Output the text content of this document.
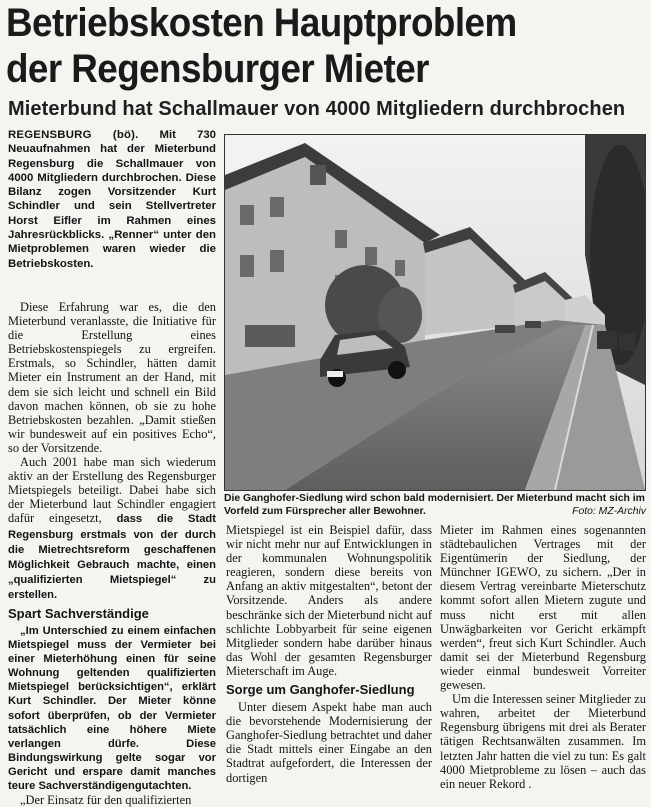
Betriebskosten Hauptproblem
der Regensburger Mieter
Mieterbund hat Schallmauer von 4000 Mitgliedern durchbrochen
REGENSBURG (bö). Mit 730 Neuaufnahmen hat der Mieterbund Regensburg die Schallmauer von 4000 Mitgliedern durchbrochen. Diese Bilanz zogen Vorsitzender Kurt Schindler und sein Stellvertreter Horst Eifler im Rahmen eines Jahresrückblicks. „Renner“ unter den Mietproblemen waren wieder die Betriebskosten.

Diese Erfahrung war es, die den Mieterbund veranlasste, die Initiative für die Erstellung eines Betriebskostenspiegels zu ergreifen. Erstmals, so Schindler, hätten damit Mieter ein Instrument an der Hand, mit dem sie sich leicht und schnell ein Bild davon machen können, ob sie zu hohe Betriebskosten bezahlen. „Damit stießen wir bundesweit auf ein positives Echo“, so der Vorsitzende.

Auch 2001 habe man sich wiederum aktiv an der Erstellung des Regensburger Mietspiegels beteiligt. Dabei habe sich der Mieterbund laut Schindler engagiert dafür eingesetzt, dass die Stadt Regensburg erstmals von der durch die Mietrechtsreform geschaffenen Möglichkeit Gebrauch machte, einen „qualifizierten Mietspiegel“ zu erstellen.

Spart Sachverständige

„Im Unterschied zu einem einfachen Mietspiegel muss der Vermieter bei einer Mieterhöhung einen für seine Wohnung geltenden qualifizierten Mietspiegel berücksichtigen“, erklärt Kurt Schindler. Der Mieter könne sofort überprüfen, ob der Vermieter tatsächlich eine höhere Miete verlangen dürfe. Diese Bindungswirkung gelte sogar vor Gericht und erspare damit manches teure Sachverständigengutachten.

„Der Einsatz für den qualifizierten

Die Ganghofer-Siedlung wird schon bald modernisiert. Der Mieterbund macht sich im Vorfeld zum Fürsprecher aller Bewohner.	Foto: MZ-Archiv

Mietspiegel ist ein Beispiel dafür, dass wir nicht mehr nur auf Entwicklungen in der kommunalen Wohnungspolitik reagieren, sondern diese bereits von Anfang an aktiv mitgestalten“, betont der Vorsitzende. Anders als andere beschränke sich der Mieterbund nicht auf schlichte Lobbyarbeit für seine eigenen Mitglieder sondern habe darüber hinaus das Wohl der gesamten Regensburger Mieterschaft im Auge.

Sorge um Ganghofer-Siedlung

Unter diesem Aspekt habe man auch die bevorstehende Modernisierung der Ganghofer-Siedlung betrachtet und daher die Stadt mittels einer Eingabe an den Stadtrat aufgefordert, die Interessen der dortigen

Mieter im Rahmen eines sogenannten städtebaulichen Vertrages mit der Eigentümerin der Siedlung, der Münchner IGEWO, zu sichern. „Der in diesem Vertrag vereinbarte Mieterschutz kommt sofort allen Mietern zugute und muss nicht erst mit allen Unwägbarkeiten vor Gericht erkämpft werden“, freut sich Kurt Schindler. Auch damit sei der Mieterbund Regensburg wieder einmal bundesweit Vorreiter gewesen.

Um die Interessen seiner Mitglieder zu wahren, arbeitet der Mieterbund Regensburg übrigens mit drei als Berater tätigen Rechtsanwälten zusammen. Im letzten Jahr hatten die viel zu tun: Es galt 4000 Mietprobleme zu lösen – auch das ein neuer Rekord .
